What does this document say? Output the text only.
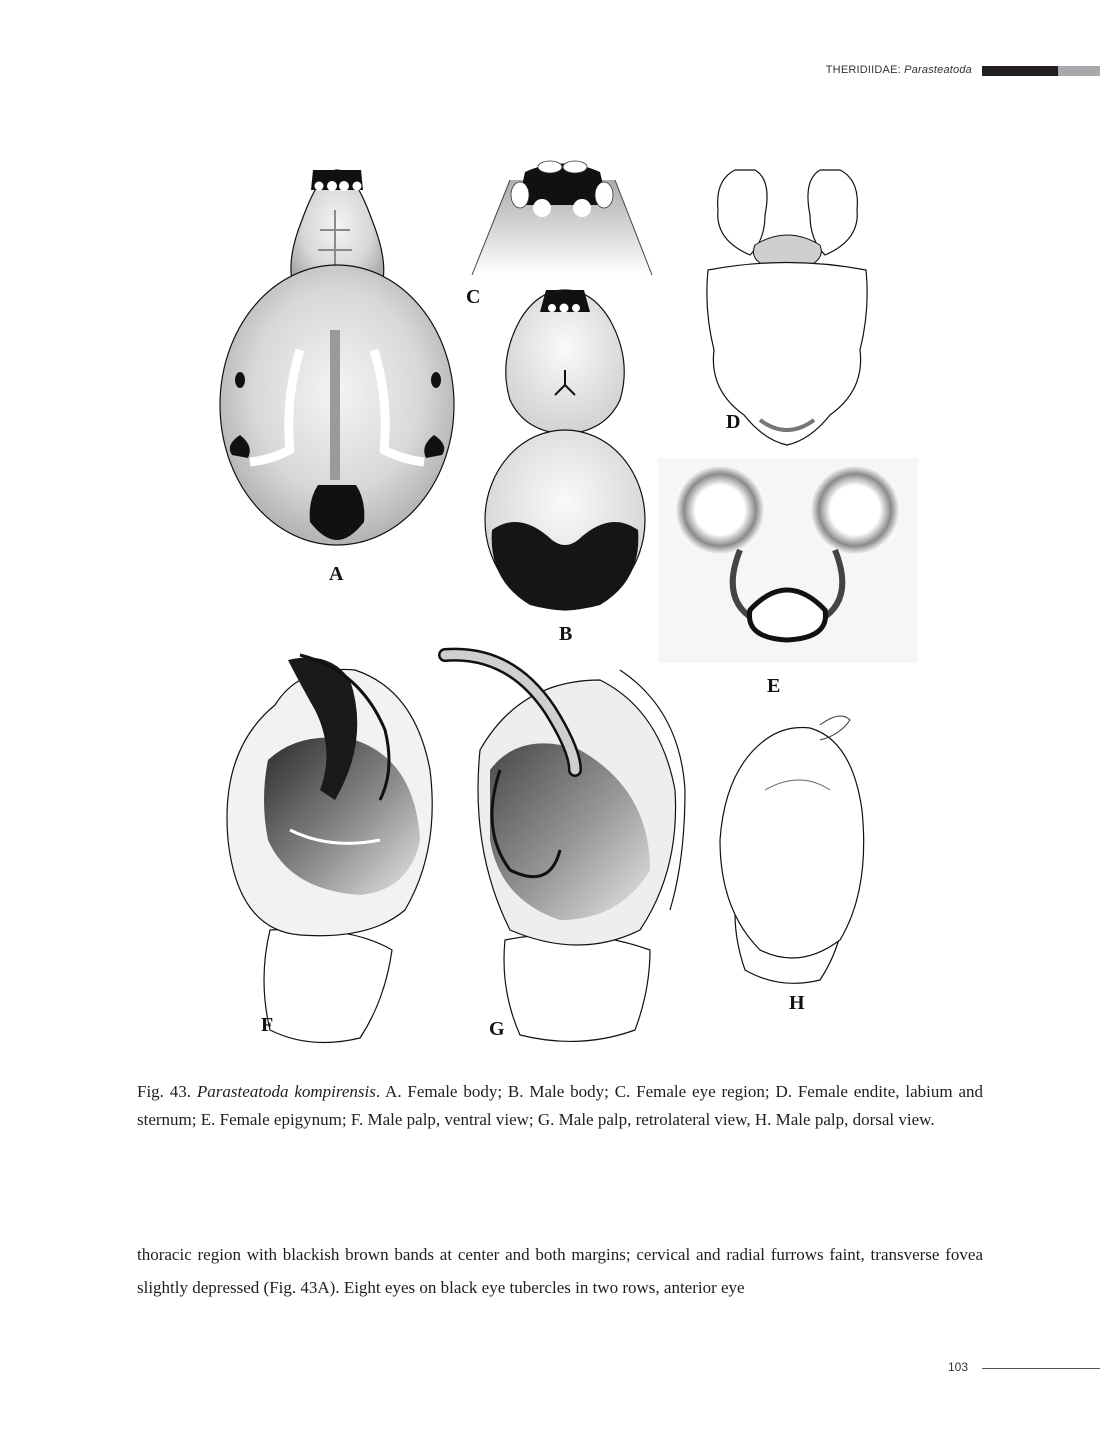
THERIDIIDAE: Parasteatoda
A
B
C
D
E
F	G
H
Fig. 43. Parasteatoda kompirensis. A. Female body; B. Male body; C. Female eye region; D. Female endite, labium and sternum; E. Female epigynum; F. Male palp, ventral view; G. Male palp, retrolateral view, H. Male palp, dorsal view.

thoracic region with blackish brown bands at center and both margins; cervical and radial furrows faint, transverse fovea slightly depressed (Fig. 43A). Eight eyes on black eye tubercles in two rows, anterior eye

103
